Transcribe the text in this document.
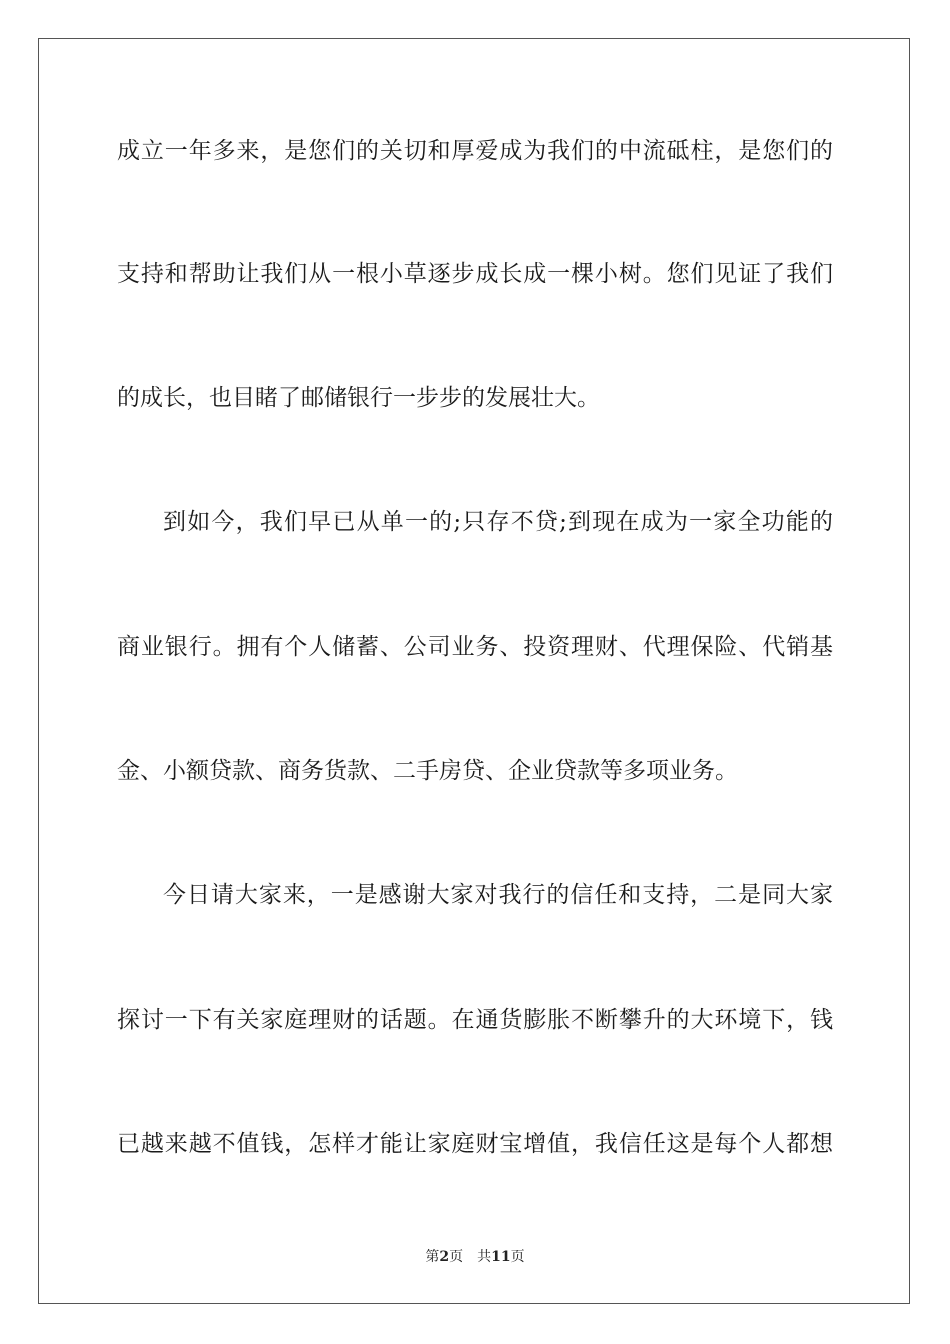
成立一年多来，是您们的关切和厚爱成为我们的中流砥柱，是您们的
支持和帮助让我们从一根小草逐步成长成一棵小树。您们见证了我们
的成长，也目睹了邮储银行一步步的发展壮大。
到如今，我们早已从单一的;只存不贷;到现在成为一家全功能的
商业银行。拥有个人储蓄、公司业务、投资理财、代理保险、代销基
金、小额贷款、商务货款、二手房贷、企业贷款等多项业务。
今日请大家来，一是感谢大家对我行的信任和支持，二是同大家
探讨一下有关家庭理财的话题。在通货膨胀不断攀升的大环境下，钱
已越来越不值钱，怎样才能让家庭财宝增值，我信任这是每个人都想
第2页 共11页
